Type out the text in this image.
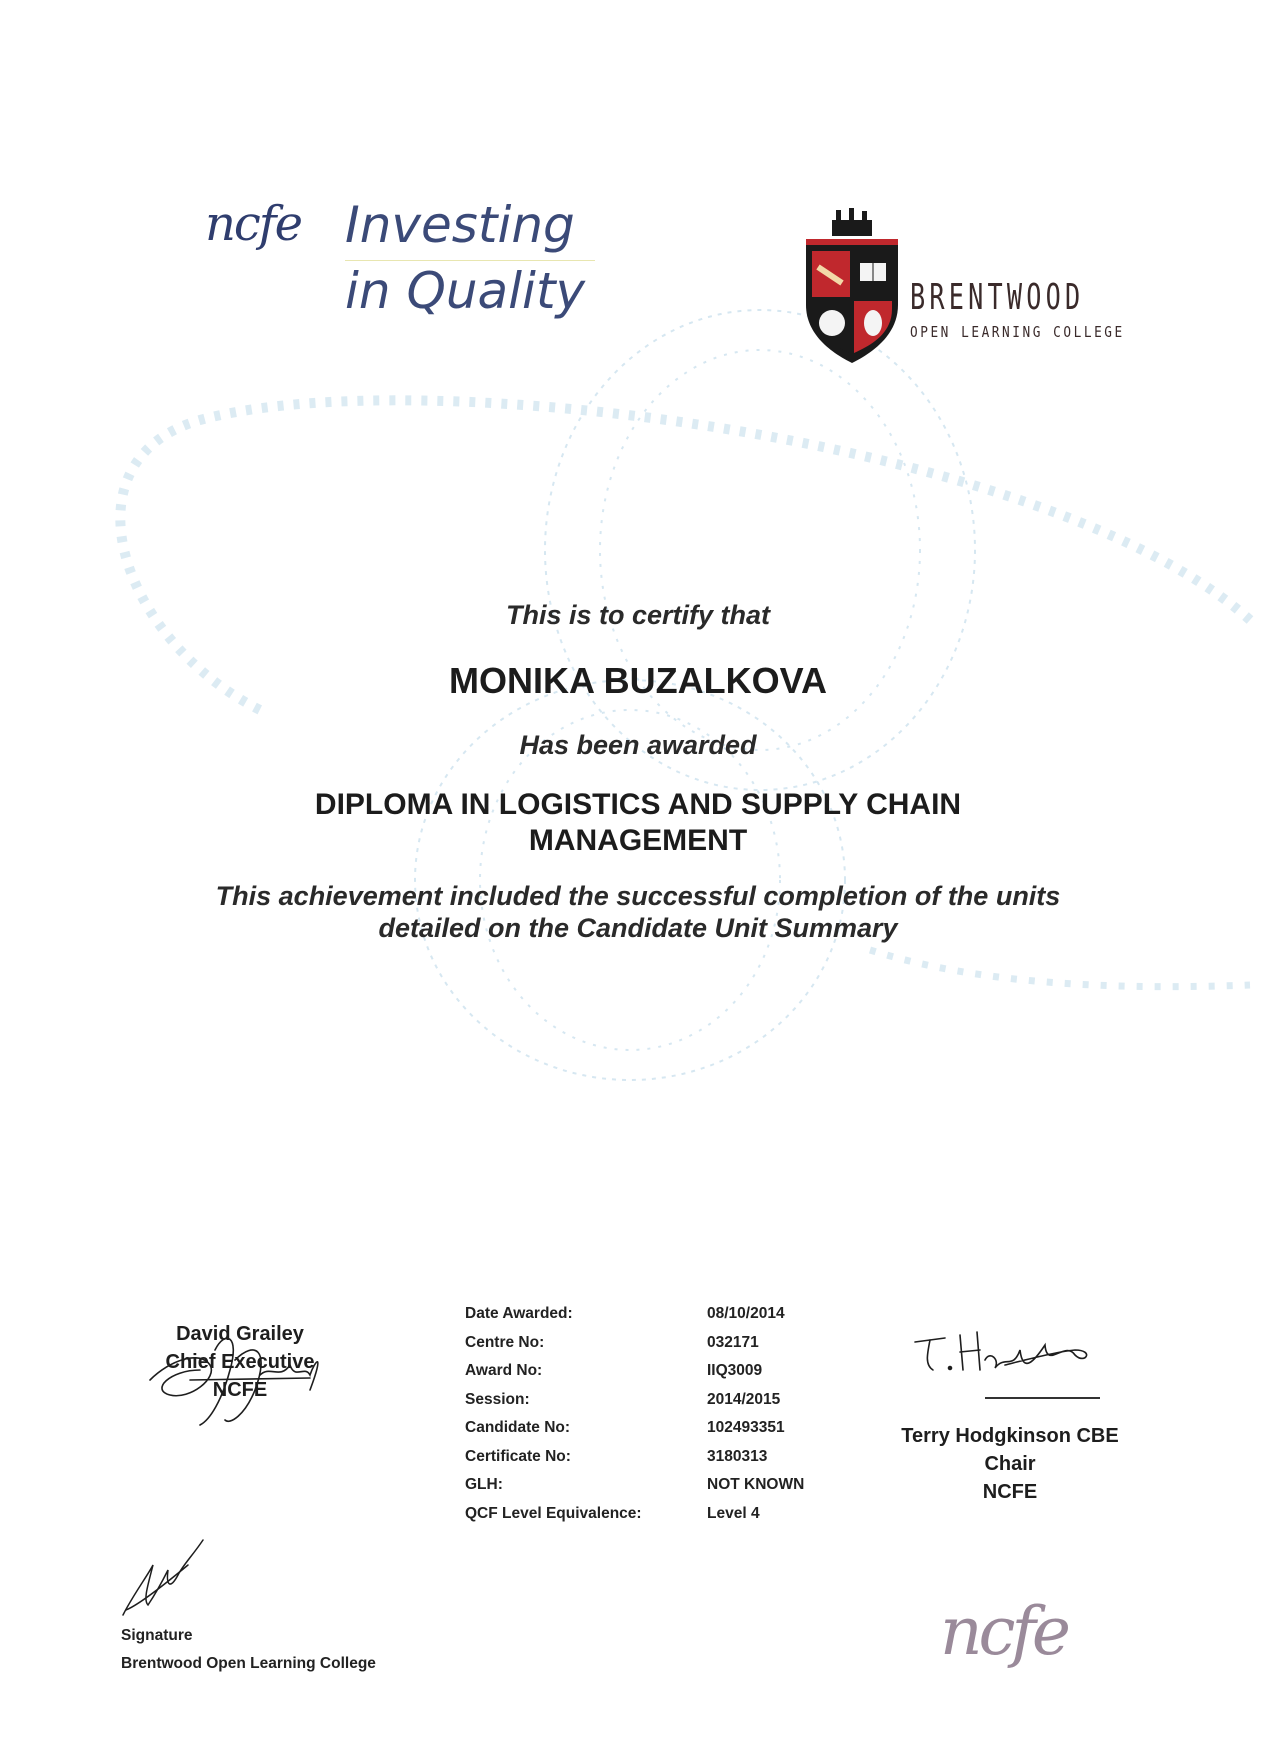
ncfe Investing
in Quality	BRENTWOOD
OPEN LEARNING COLLEGE
This is to certify that
MONIKA BUZALKOVA
Has been awarded
DIPLOMA IN LOGISTICS AND SUPPLY CHAIN
MANAGEMENT
This achievement included the successful completion of the units
detailed on the Candidate Unit Summary
David Grailey
Chief Executive
NCFE
Date Awarded:	08/10/2014
Centre No:	032171
Award No:	IIQ3009
Session:	2014/2015
Candidate No:	102493351
Certificate No:	3180313
GLH:	NOT KNOWN
QCF Level Equivalence:	Level 4
Terry Hodgkinson CBE
Chair
NCFE
Signature
Brentwood Open Learning College	ncfe
